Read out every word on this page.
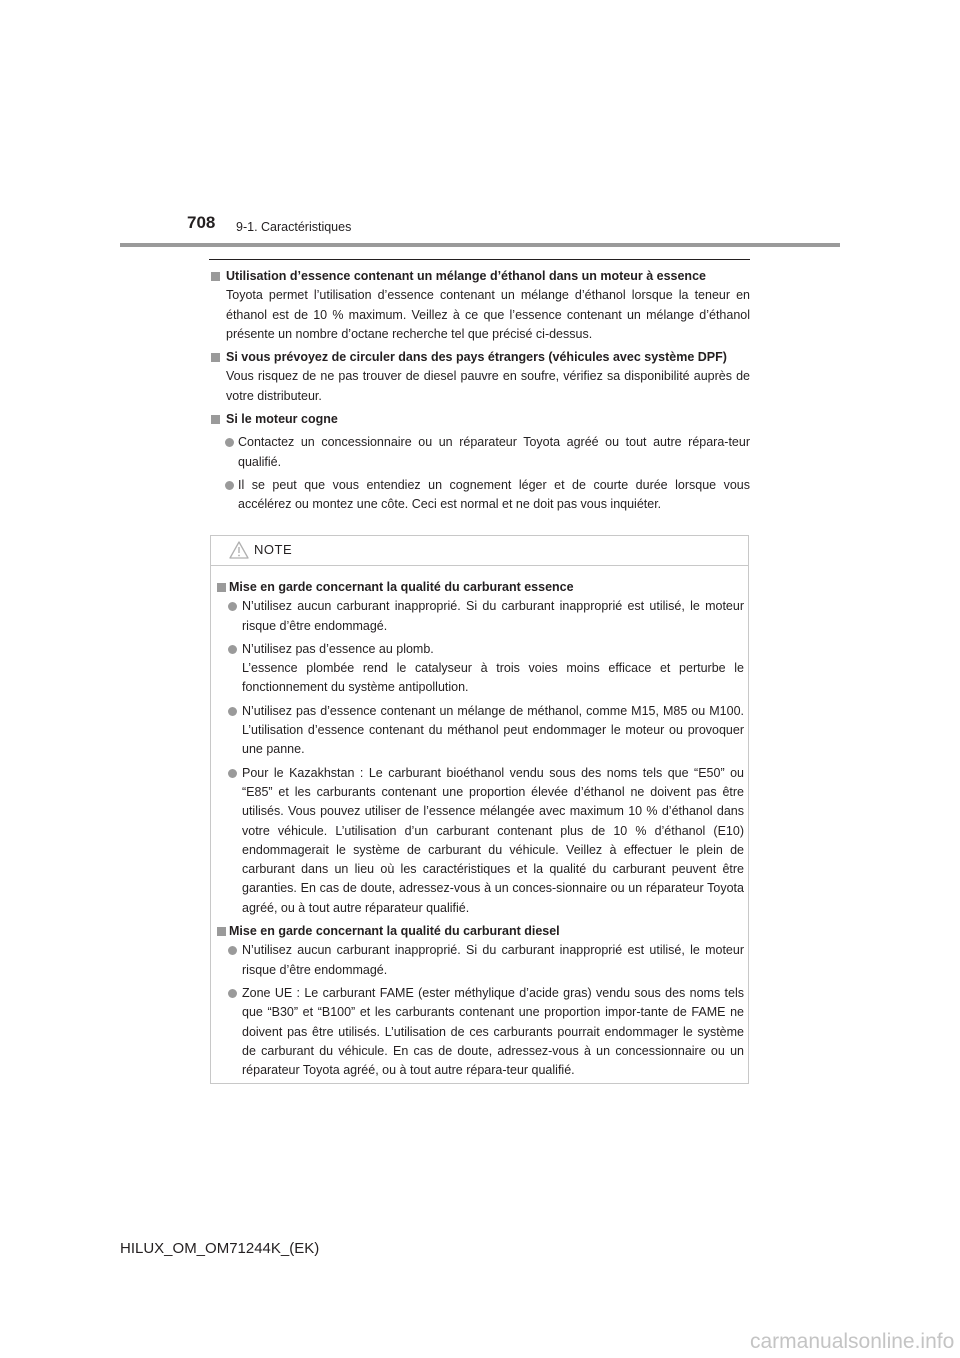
708 9-1. Caractéristiques
Utilisation d’essence contenant un mélange d’éthanol dans un moteur à essence
Toyota permet l’utilisation d’essence contenant un mélange d’éthanol lorsque la teneur en éthanol est de 10 % maximum. Veillez à ce que l’essence contenant un mélange d’éthanol présente un nombre d’octane recherche tel que précisé ci-dessus.
Si vous prévoyez de circuler dans des pays étrangers (véhicules avec système DPF)
Vous risquez de ne pas trouver de diesel pauvre en soufre, vérifiez sa disponibilité auprès de votre distributeur.
Si le moteur cogne
Contactez un concessionnaire ou un réparateur Toyota agréé ou tout autre répara-teur qualifié.
Il se peut que vous entendiez un cognement léger et de courte durée lorsque vous accélérez ou montez une côte. Ceci est normal et ne doit pas vous inquiéter.
NOTE
Mise en garde concernant la qualité du carburant essence
N’utilisez aucun carburant inapproprié. Si du carburant inapproprié est utilisé, le moteur risque d’être endommagé.
N’utilisez pas d’essence au plomb.
L’essence plombée rend le catalyseur à trois voies moins efficace et perturbe le fonctionnement du système antipollution.
N’utilisez pas d’essence contenant un mélange de méthanol, comme M15, M85 ou M100. L’utilisation d’essence contenant du méthanol peut endommager le moteur ou provoquer une panne.
Pour le Kazakhstan : Le carburant bioéthanol vendu sous des noms tels que “E50” ou “E85” et les carburants contenant une proportion élevée d’éthanol ne doivent pas être utilisés. Vous pouvez utiliser de l’essence mélangée avec maximum 10 % d’éthanol dans votre véhicule. L’utilisation d’un carburant contenant plus de 10 % d’éthanol (E10) endommagerait le système de carburant du véhicule. Veillez à effectuer le plein de carburant dans un lieu où les caractéristiques et la qualité du carburant peuvent être garanties. En cas de doute, adressez-vous à un conces-sionnaire ou un réparateur Toyota agréé, ou à tout autre réparateur qualifié.
Mise en garde concernant la qualité du carburant diesel
N’utilisez aucun carburant inapproprié. Si du carburant inapproprié est utilisé, le moteur risque d’être endommagé.
Zone UE : Le carburant FAME (ester méthylique d’acide gras) vendu sous des noms tels que “B30” et “B100” et les carburants contenant une proportion impor-tante de FAME ne doivent pas être utilisés. L’utilisation de ces carburants pourrait endommager le système de carburant du véhicule. En cas de doute, adressez-vous à un concessionnaire ou un réparateur Toyota agréé, ou à tout autre répara-teur qualifié.
HILUX_OM_OM71244K_(EK)
carmanualsonline.info
